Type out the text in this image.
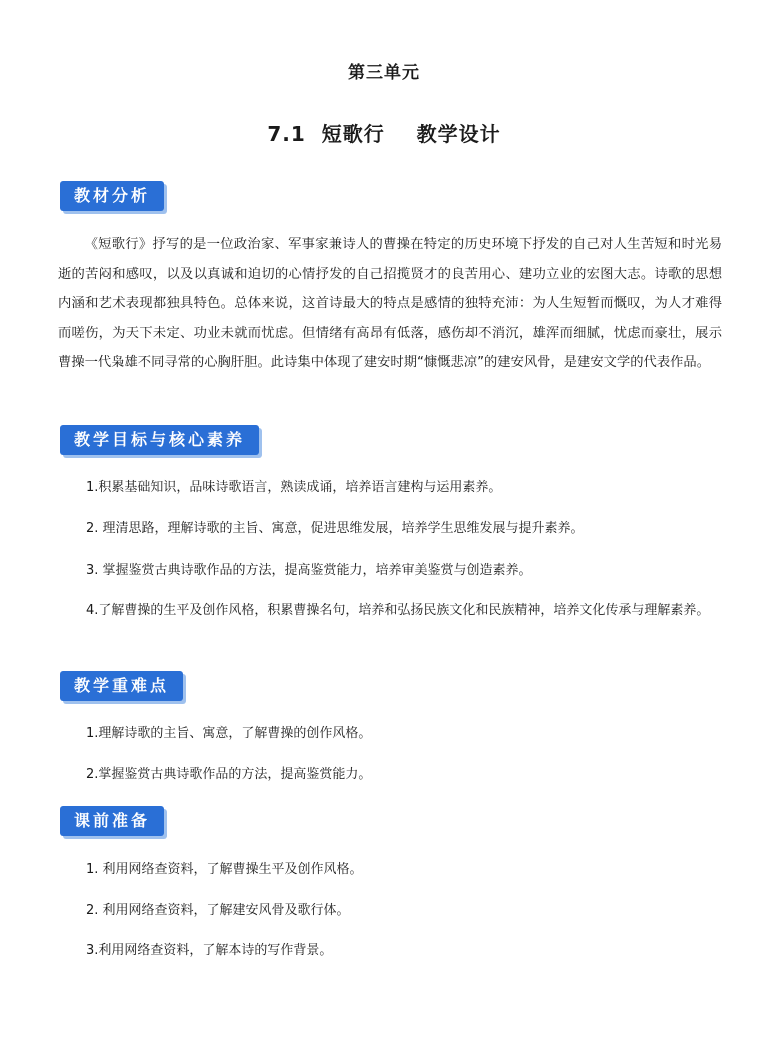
第三单元
7.1  短歌行    教学设计
教材分析

《短歌行》抒写的是一位政治家、军事家兼诗人的曹操在特定的历史环境下抒发的自己对人生苦短和时光易逝的苦闷和感叹，以及以真诚和迫切的心情抒发的自己招揽贤才的良苦用心、建功立业的宏图大志。诗歌的思想内涵和艺术表现都独具特色。总体来说，这首诗最大的特点是感情的独特充沛：为人生短暂而慨叹，为人才难得而嗟伤，为天下未定、功业未就而忧虑。但情绪有高昂有低落，感伤却不消沉，雄浑而细腻，忧虑而豪壮，展示曹操一代枭雄不同寻常的心胸肝胆。此诗集中体现了建安时期“慷慨悲凉”的建安风骨，是建安文学的代表作品。

教学目标与核心素养

1.积累基础知识，品味诗歌语言，熟读成诵，培养语言建构与运用素养。

2. 理清思路，理解诗歌的主旨、寓意，促进思维发展，培养学生思维发展与提升素养。

3. 掌握鉴赏古典诗歌作品的方法，提高鉴赏能力，培养审美鉴赏与创造素养。

4.了解曹操的生平及创作风格，积累曹操名句，培养和弘扬民族文化和民族精神，培养文化传承与理解素养。

教学重难点

1.理解诗歌的主旨、寓意，了解曹操的创作风格。

2.掌握鉴赏古典诗歌作品的方法，提高鉴赏能力。

课前准备

1. 利用网络查资料，了解曹操生平及创作风格。

2. 利用网络查资料，了解建安风骨及歌行体。

3.利用网络查资料，了解本诗的写作背景。
